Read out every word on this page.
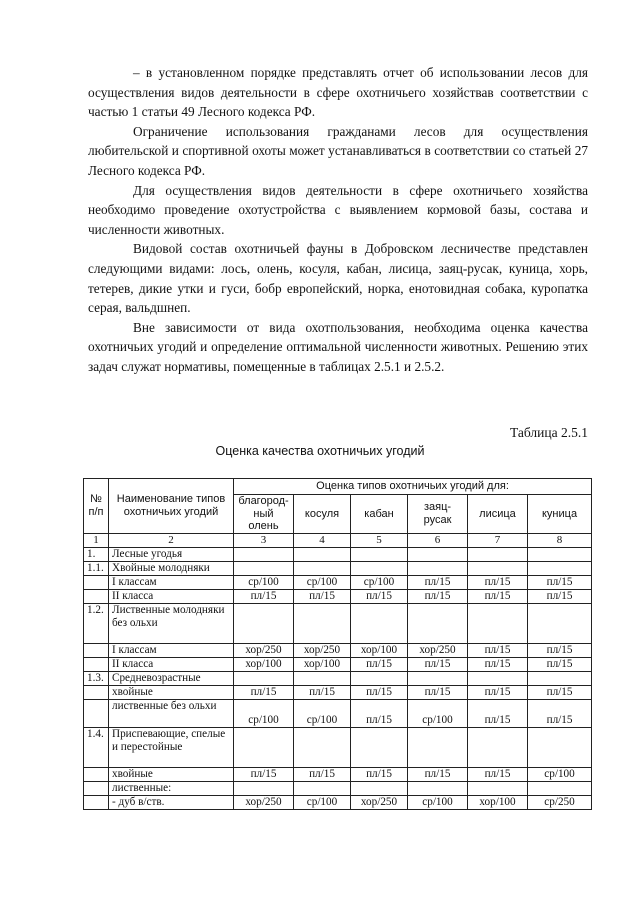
– в установленном порядке представлять отчет об использовании лесов для осуществления видов деятельности в сфере охотничьего хозяйствав соответствии с частью 1 статьи 49 Лесного кодекса РФ.

Ограничение использования гражданами лесов для осуществления любительской и спортивной охоты может устанавливаться в соответствии со статьей 27 Лесного кодекса РФ.

Для осуществления видов деятельности в сфере охотничьего хозяйства необходимо проведение охотустройства с выявлением кормовой базы, состава и численности животных.

Видовой состав охотничьей фауны в Добровском лесничестве представлен следующими видами: лось, олень, косуля, кабан, лисица, заяц-русак, куница, хорь, тетерев, дикие утки и гуси, бобр европейский, норка, енотовидная собака, куропатка серая, вальдшнеп.

Вне зависимости от вида охотпользования, необходима оценка качества охотничьих угодий и определение оптимальной численности животных. Решению этих задач служат нормативы, помещенные в таблицах 2.5.1 и 2.5.2.

Таблица 2.5.1
Оценка качества охотничьих угодий
№ п/п	Наименование типов охотничьих угодий	Оценка типов охотничьих угодий для:					
		благород-ный олень	косуля	кабан	заяц-русак	лисица	куница
1	2	3	4	5	6	7	8
1.	Лесные угодья						
1.1.	Хвойные молодняки						
	I классам	ср/100	ср/100	ср/100	пл/15	пл/15	пл/15
	II класса	пл/15	пл/15	пл/15	пл/15	пл/15	пл/15
1.2.	Лиственные молодняки без ольхи						
	I классам	хор/250	хор/250	хор/100	хор/250	пл/15	пл/15
	II класса	хор/100	хор/100	пл/15	пл/15	пл/15	пл/15
1.3.	Средневозрастные						
	хвойные	пл/15	пл/15	пл/15	пл/15	пл/15	пл/15
	лиственные без ольхи	ср/100	ср/100	пл/15	ср/100	пл/15	пл/15
1.4.	Приспевающие, спелые и перестойные						
	хвойные	пл/15	пл/15	пл/15	пл/15	пл/15	ср/100
	лиственные:						
	- дуб в/ств.	хор/250	ср/100	хор/250	ср/100	хор/100	ср/250
